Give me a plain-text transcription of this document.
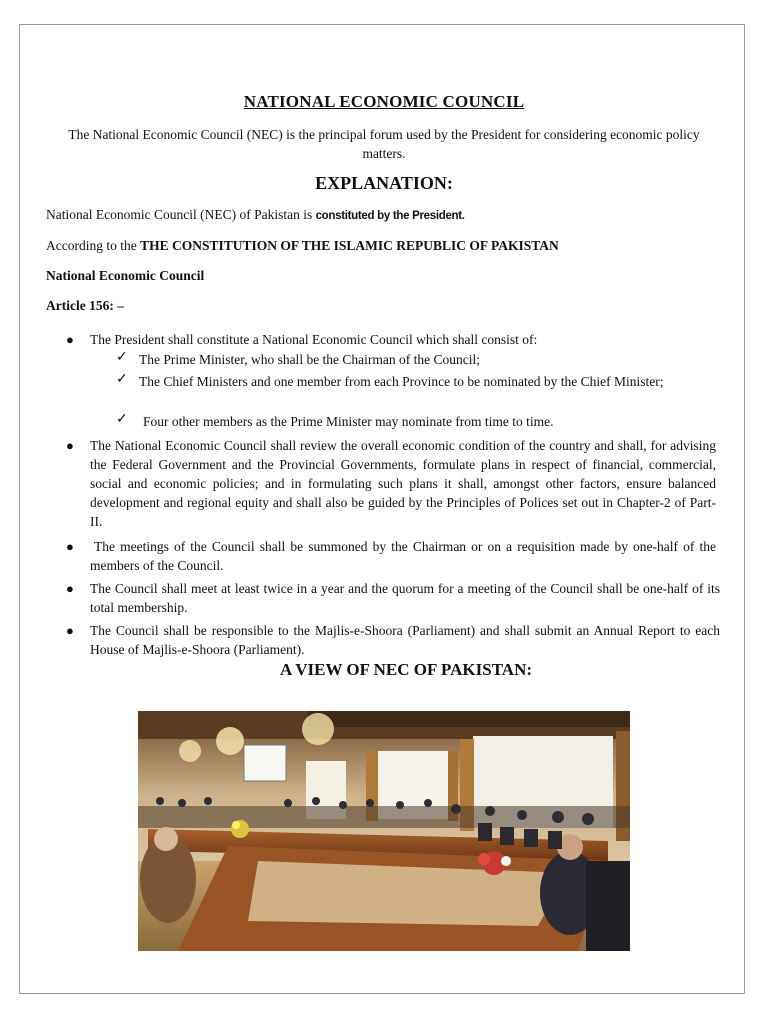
NATIONAL ECONOMIC COUNCIL
The National Economic Council (NEC) is the principal forum used by the President for considering economic policy matters.
EXPLANATION:
National Economic Council (NEC) of Pakistan is constituted by the President.
According to the THE CONSTITUTION OF THE ISLAMIC REPUBLIC OF PAKISTAN
National Economic Council
Article 156: –
● The President shall constitute a National Economic Council which shall consist of:
✓ The Prime Minister, who shall be the Chairman of the Council;
✓ The Chief Ministers and one member from each Province to be nominated by the Chief Minister;
✓ Four other members as the Prime Minister may nominate from time to time.
● The National Economic Council shall review the overall economic condition of the country and shall, for advising the Federal Government and the Provincial Governments, formulate plans in respect of financial, commercial, social and economic policies; and in formulating such plans it shall, amongst other factors, ensure balanced development and regional equity and shall also be guided by the Principles of Polices set out in Chapter-2 of Part-II.
● The meetings of the Council shall be summoned by the Chairman or on a requisition made by one-half of the members of the Council.
● The Council shall meet at least twice in a year and the quorum for a meeting of the Council shall be one-half of its total membership.
● The Council shall be responsible to the Majlis-e-Shoora (Parliament) and shall submit an Annual Report to each House of Majlis-e-Shoora (Parliament).
A VIEW OF NEC OF PAKISTAN:
